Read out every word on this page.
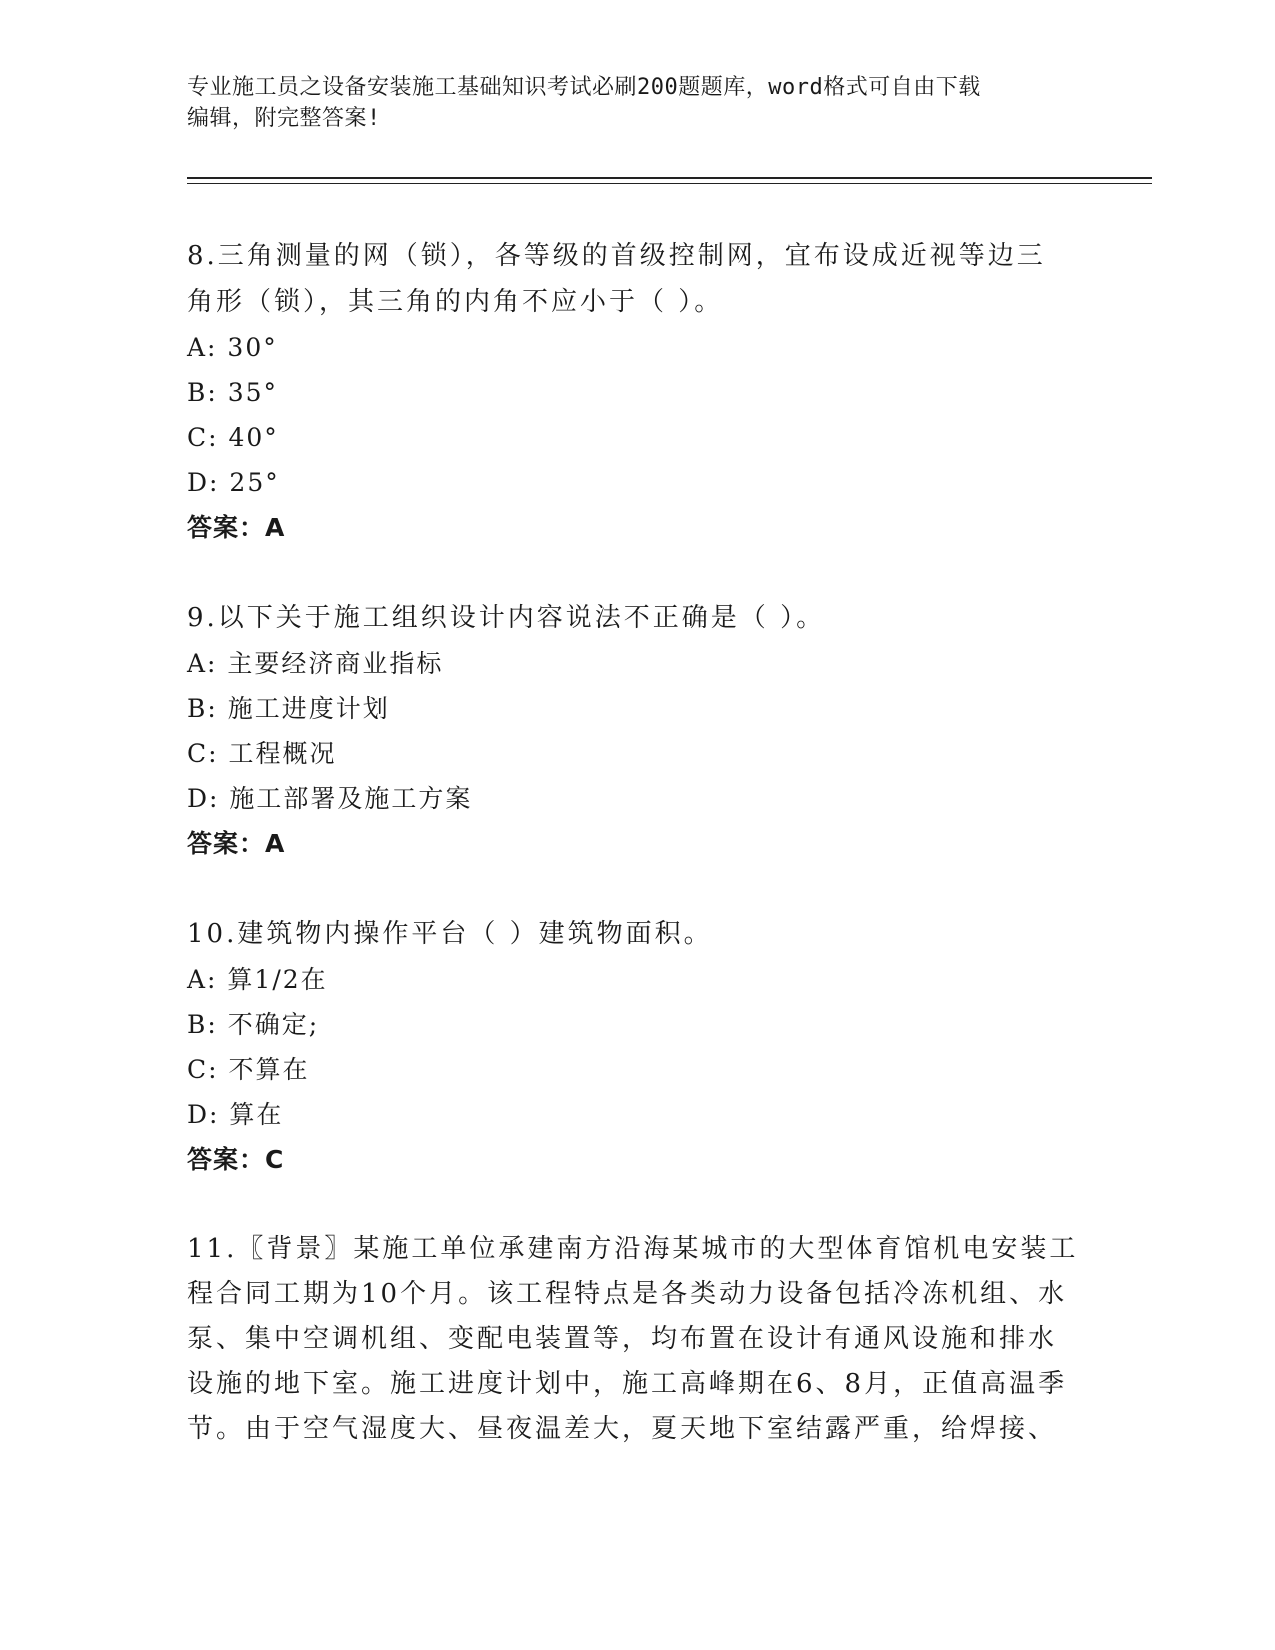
专业施工员之设备安装施工基础知识考试必刷200题题库，word格式可自由下载
编辑，附完整答案!
8.三角测量的网（锁），各等级的首级控制网，宜布设成近视等边三
角形（锁），其三角的内角不应小于（ ）。
A: 30°
B: 35°
C: 40°
D: 25°
答案：A
9.以下关于施工组织设计内容说法不正确是（ ）。
A: 主要经济商业指标
B: 施工进度计划
C: 工程概况
D: 施工部署及施工方案
答案：A
10.建筑物内操作平台（ ）建筑物面积。
A: 算1/2在
B: 不确定;
C: 不算在
D: 算在
答案：C
11.〖背景〗某施工单位承建南方沿海某城市的大型体育馆机电安装工
程合同工期为10个月。该工程特点是各类动力设备包括冷冻机组、水
泵、集中空调机组、变配电装置等，均布置在设计有通风设施和排水
设施的地下室。施工进度计划中，施工高峰期在6、8月，正值高温季
节。由于空气湿度大、昼夜温差大，夏天地下室结露严重，给焊接、
